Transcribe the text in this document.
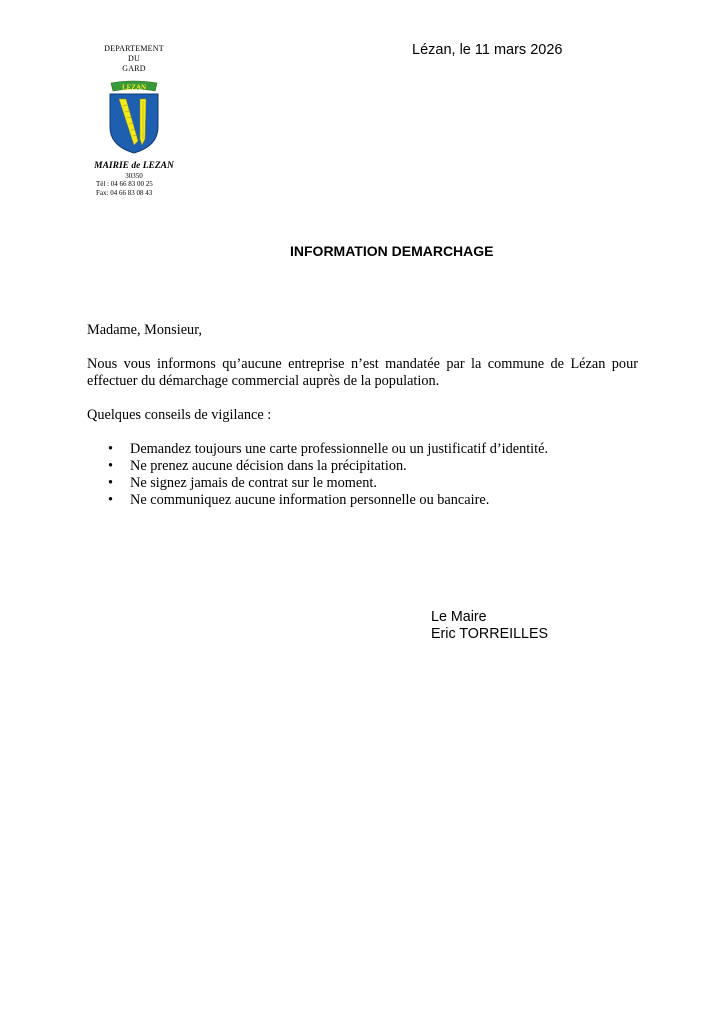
DEPARTEMENT
DU
GARD
LEZAN
MAIRIE de LEZAN
30350
Tél : 04 66 83 00 25
Fax: 04 66 83 08 43
Lézan, le 11 mars 2026
INFORMATION DEMARCHAGE

Madame, Monsieur,

Nous vous informons qu’aucune entreprise n’est mandatée par la commune de Lézan pour effectuer du démarchage commercial auprès de la population.

Quelques conseils de vigilance :

• Demandez toujours une carte professionnelle ou un justificatif d’identité.
• Ne prenez aucune décision dans la précipitation.
• Ne signez jamais de contrat sur le moment.
• Ne communiquez aucune information personnelle ou bancaire.
Le Maire
Eric TORREILLES
